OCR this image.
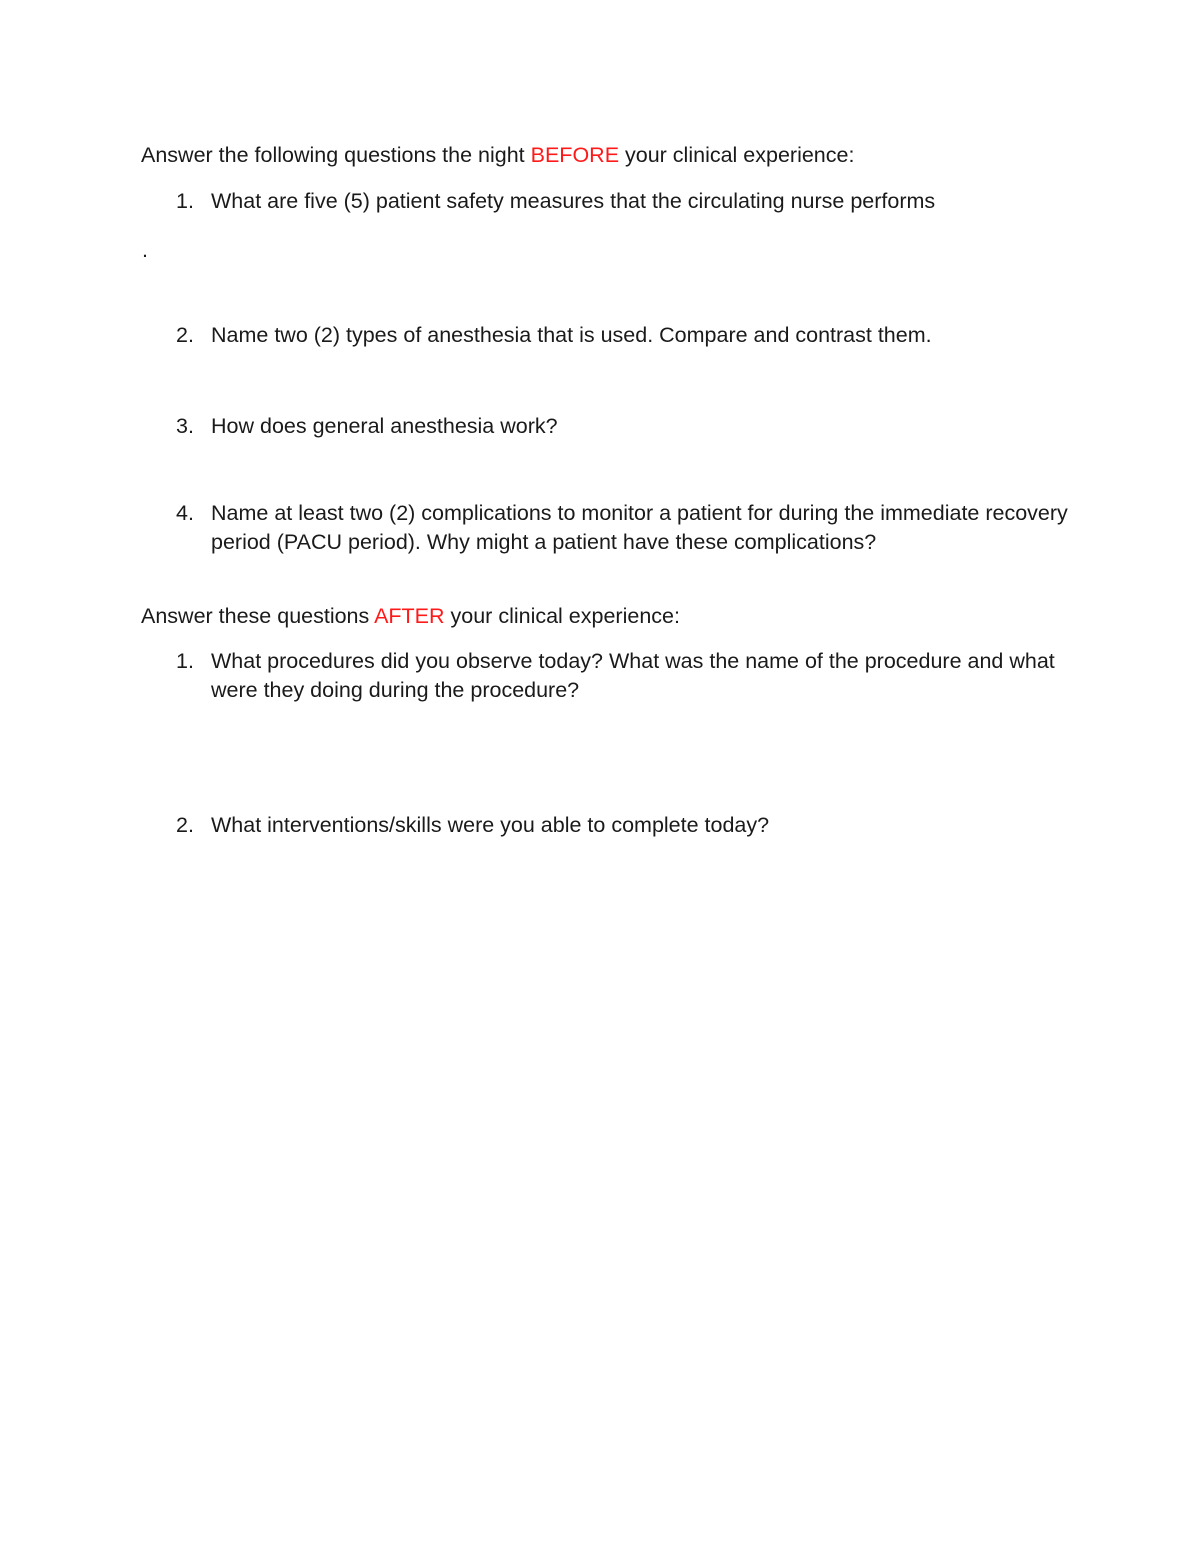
Answer the following questions the night BEFORE your clinical experience:
1. What are five (5) patient safety measures that the circulating nurse performs
.
2. Name two (2) types of anesthesia that is used. Compare and contrast them.
3. How does general anesthesia work?
4. Name at least two (2) complications to monitor a patient for during the immediate recovery period (PACU period). Why might a patient have these complications?
Answer these questions AFTER your clinical experience:
1. What procedures did you observe today? What was the name of the procedure and what were they doing during the procedure?
2. What interventions/skills were you able to complete today?
